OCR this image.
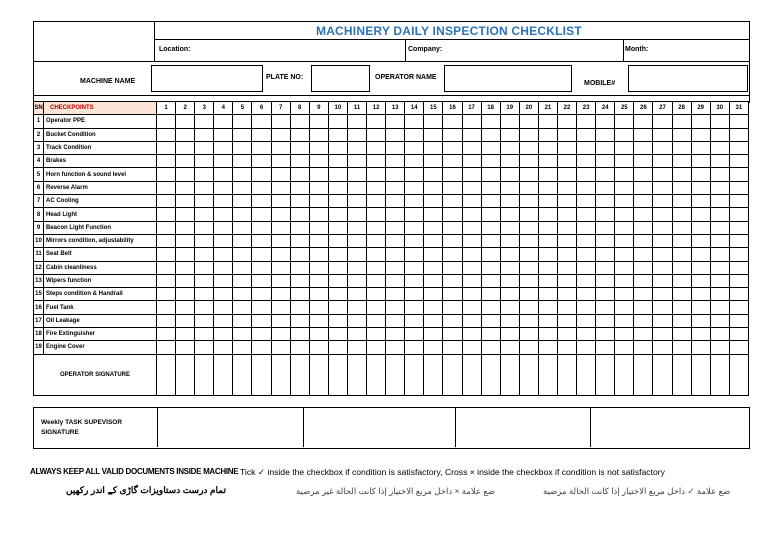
MACHINERY DAILY INSPECTION CHECKLIST
Location:	Company:	Month:
MACHINE NAME
PLATE NO:	OPERATOR NAME
MOBILE#
SN	CHECKPOINTS	1	2	3	4	5	6	7	8	9	10	11	12	13	14	15	16	17	18	19	20	21	22	23	24	25	26	27	28	29	30	31
1	Operator PPE																															
2	Bucket Condition																															
3	Track Condition																															
4	Brakes																															
5	Horn function & sound level																															
6	Reverse Alarm																															
7	AC Cooling																															
8	Head Light																															
9	Beacon Light Function																															
10	Mirrors condition, adjustability																															
11	Seat Belt																															
12	Cabin cleanliness																															
13	Wipers function																															
15	Steps condition & Handrail																															
16	Fuel Tank																															
17	Oil Leakage																															
18	Fire Extinguisher																															
19	Engine Cover																															
OPERATOR SIGNATURE																																
Weekly TASK SUPEVISOR SIGNATURE
ALWAYS KEEP ALL VALID DOCUMENTS INSIDE MACHINE Tick ✓ inside the checkbox if condition is satisfactory, Cross × inside the checkbox if condition is not satisfactory
تمام درست دستاویزات گاڑی کے اندر رکھیں	ضع علامة × داخل مربع الاختيار إذا كانت الحالة غير مرضية	ضع علامة ✓ داخل مربع الاختيار إذا كانت الحالة مرضية
